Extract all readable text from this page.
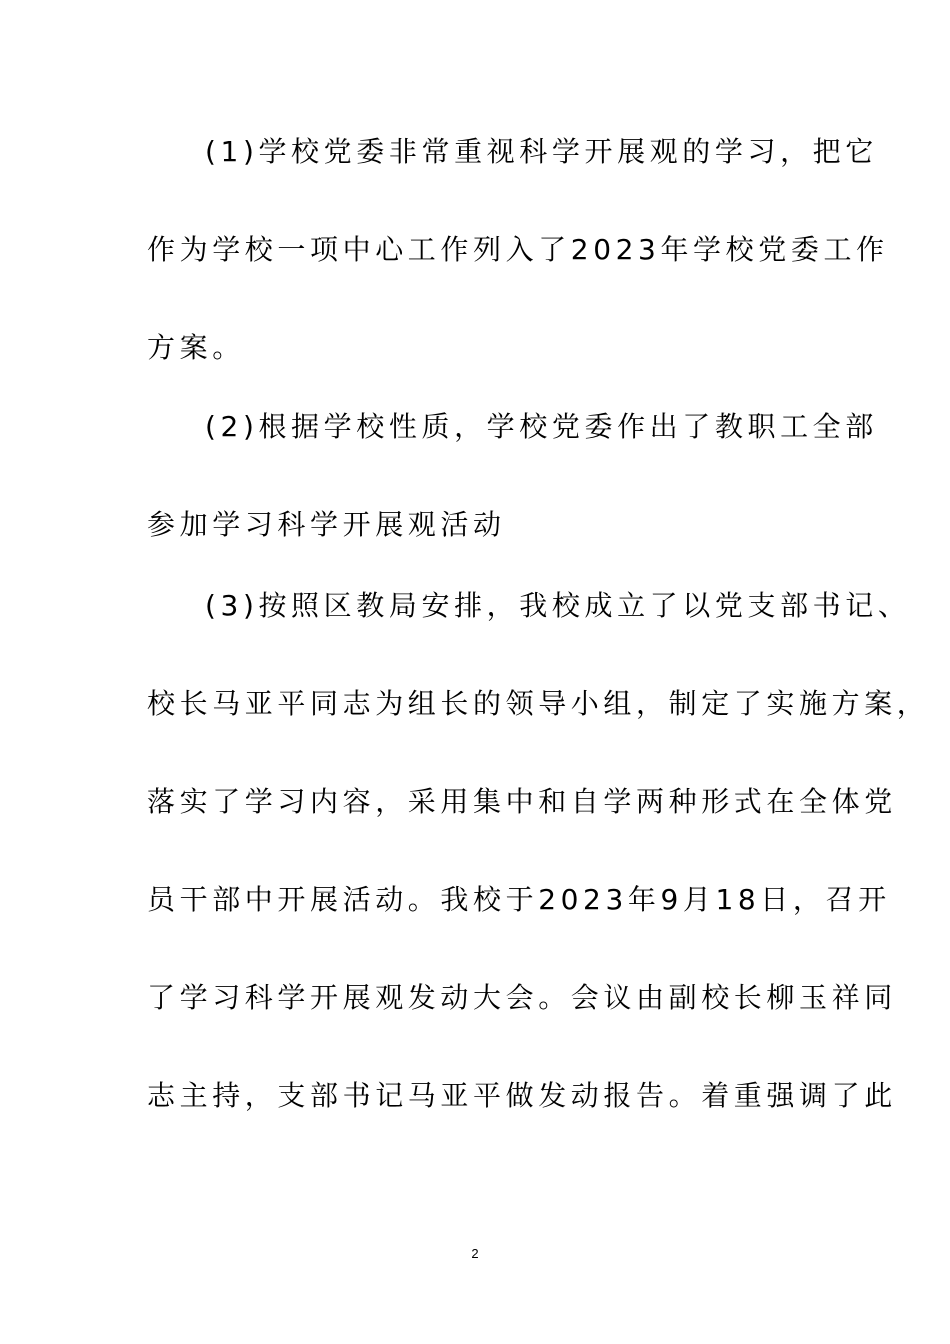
(1)学校党委非常重视科学开展观的学习，把它
作为学校一项中心工作列入了2023年学校党委工作
方案。
(2)根据学校性质，学校党委作出了教职工全部
参加学习科学开展观活动
(3)按照区教局安排，我校成立了以党支部书记、
校长马亚平同志为组长的领导小组，制定了实施方案，
落实了学习内容，采用集中和自学两种形式在全体党
员干部中开展活动。我校于2023年9月18日，召开
了学习科学开展观发动大会。会议由副校长柳玉祥同
志主持，支部书记马亚平做发动报告。着重强调了此
2
